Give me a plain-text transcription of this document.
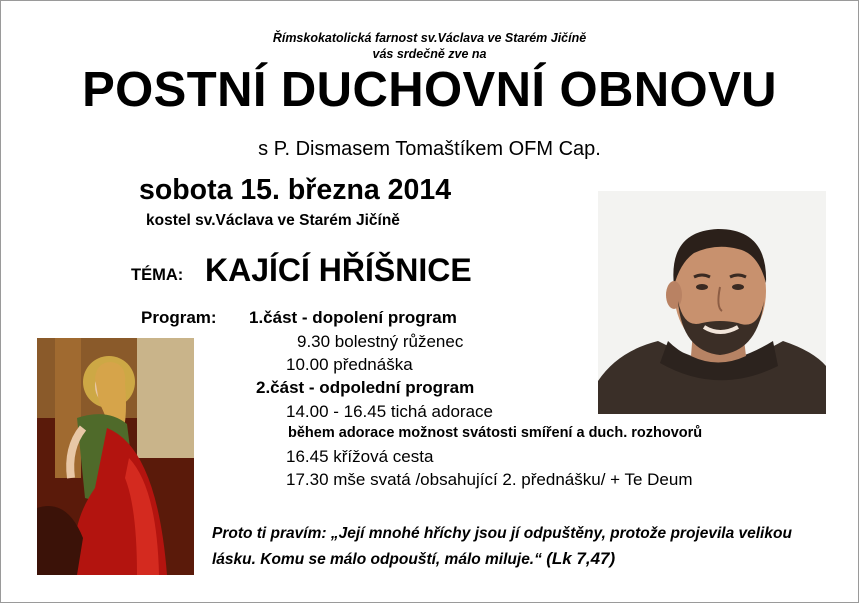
Římskokatolická farnost sv.Václava ve Starém Jičíně
vás srdečně zve na
POSTNÍ DUCHOVNÍ OBNOVU
s P. Dismasem Tomaštíkem OFM Cap.
sobota 15. března 2014
kostel sv.Václava ve Starém Jičíně
TÉMA: KAJÍCÍ HŘÍŠNICE
Program: 1.část - dopolení program
9.30 bolestný růženec
10.00 přednáška
2.část - odpolední program
14.00 - 16.45 tichá adorace
během adorace možnost svátosti smíření a duch. rozhovorů
16.45 křížová cesta
17.30 mše svatá /obsahující 2. přednášku/ + Te Deum
Proto ti pravím: „Její mnohé hříchy jsou jí odpuštěny, protože projevila velikou lásku. Komu se málo odpouští, málo miluje.“ (Lk 7,47)
